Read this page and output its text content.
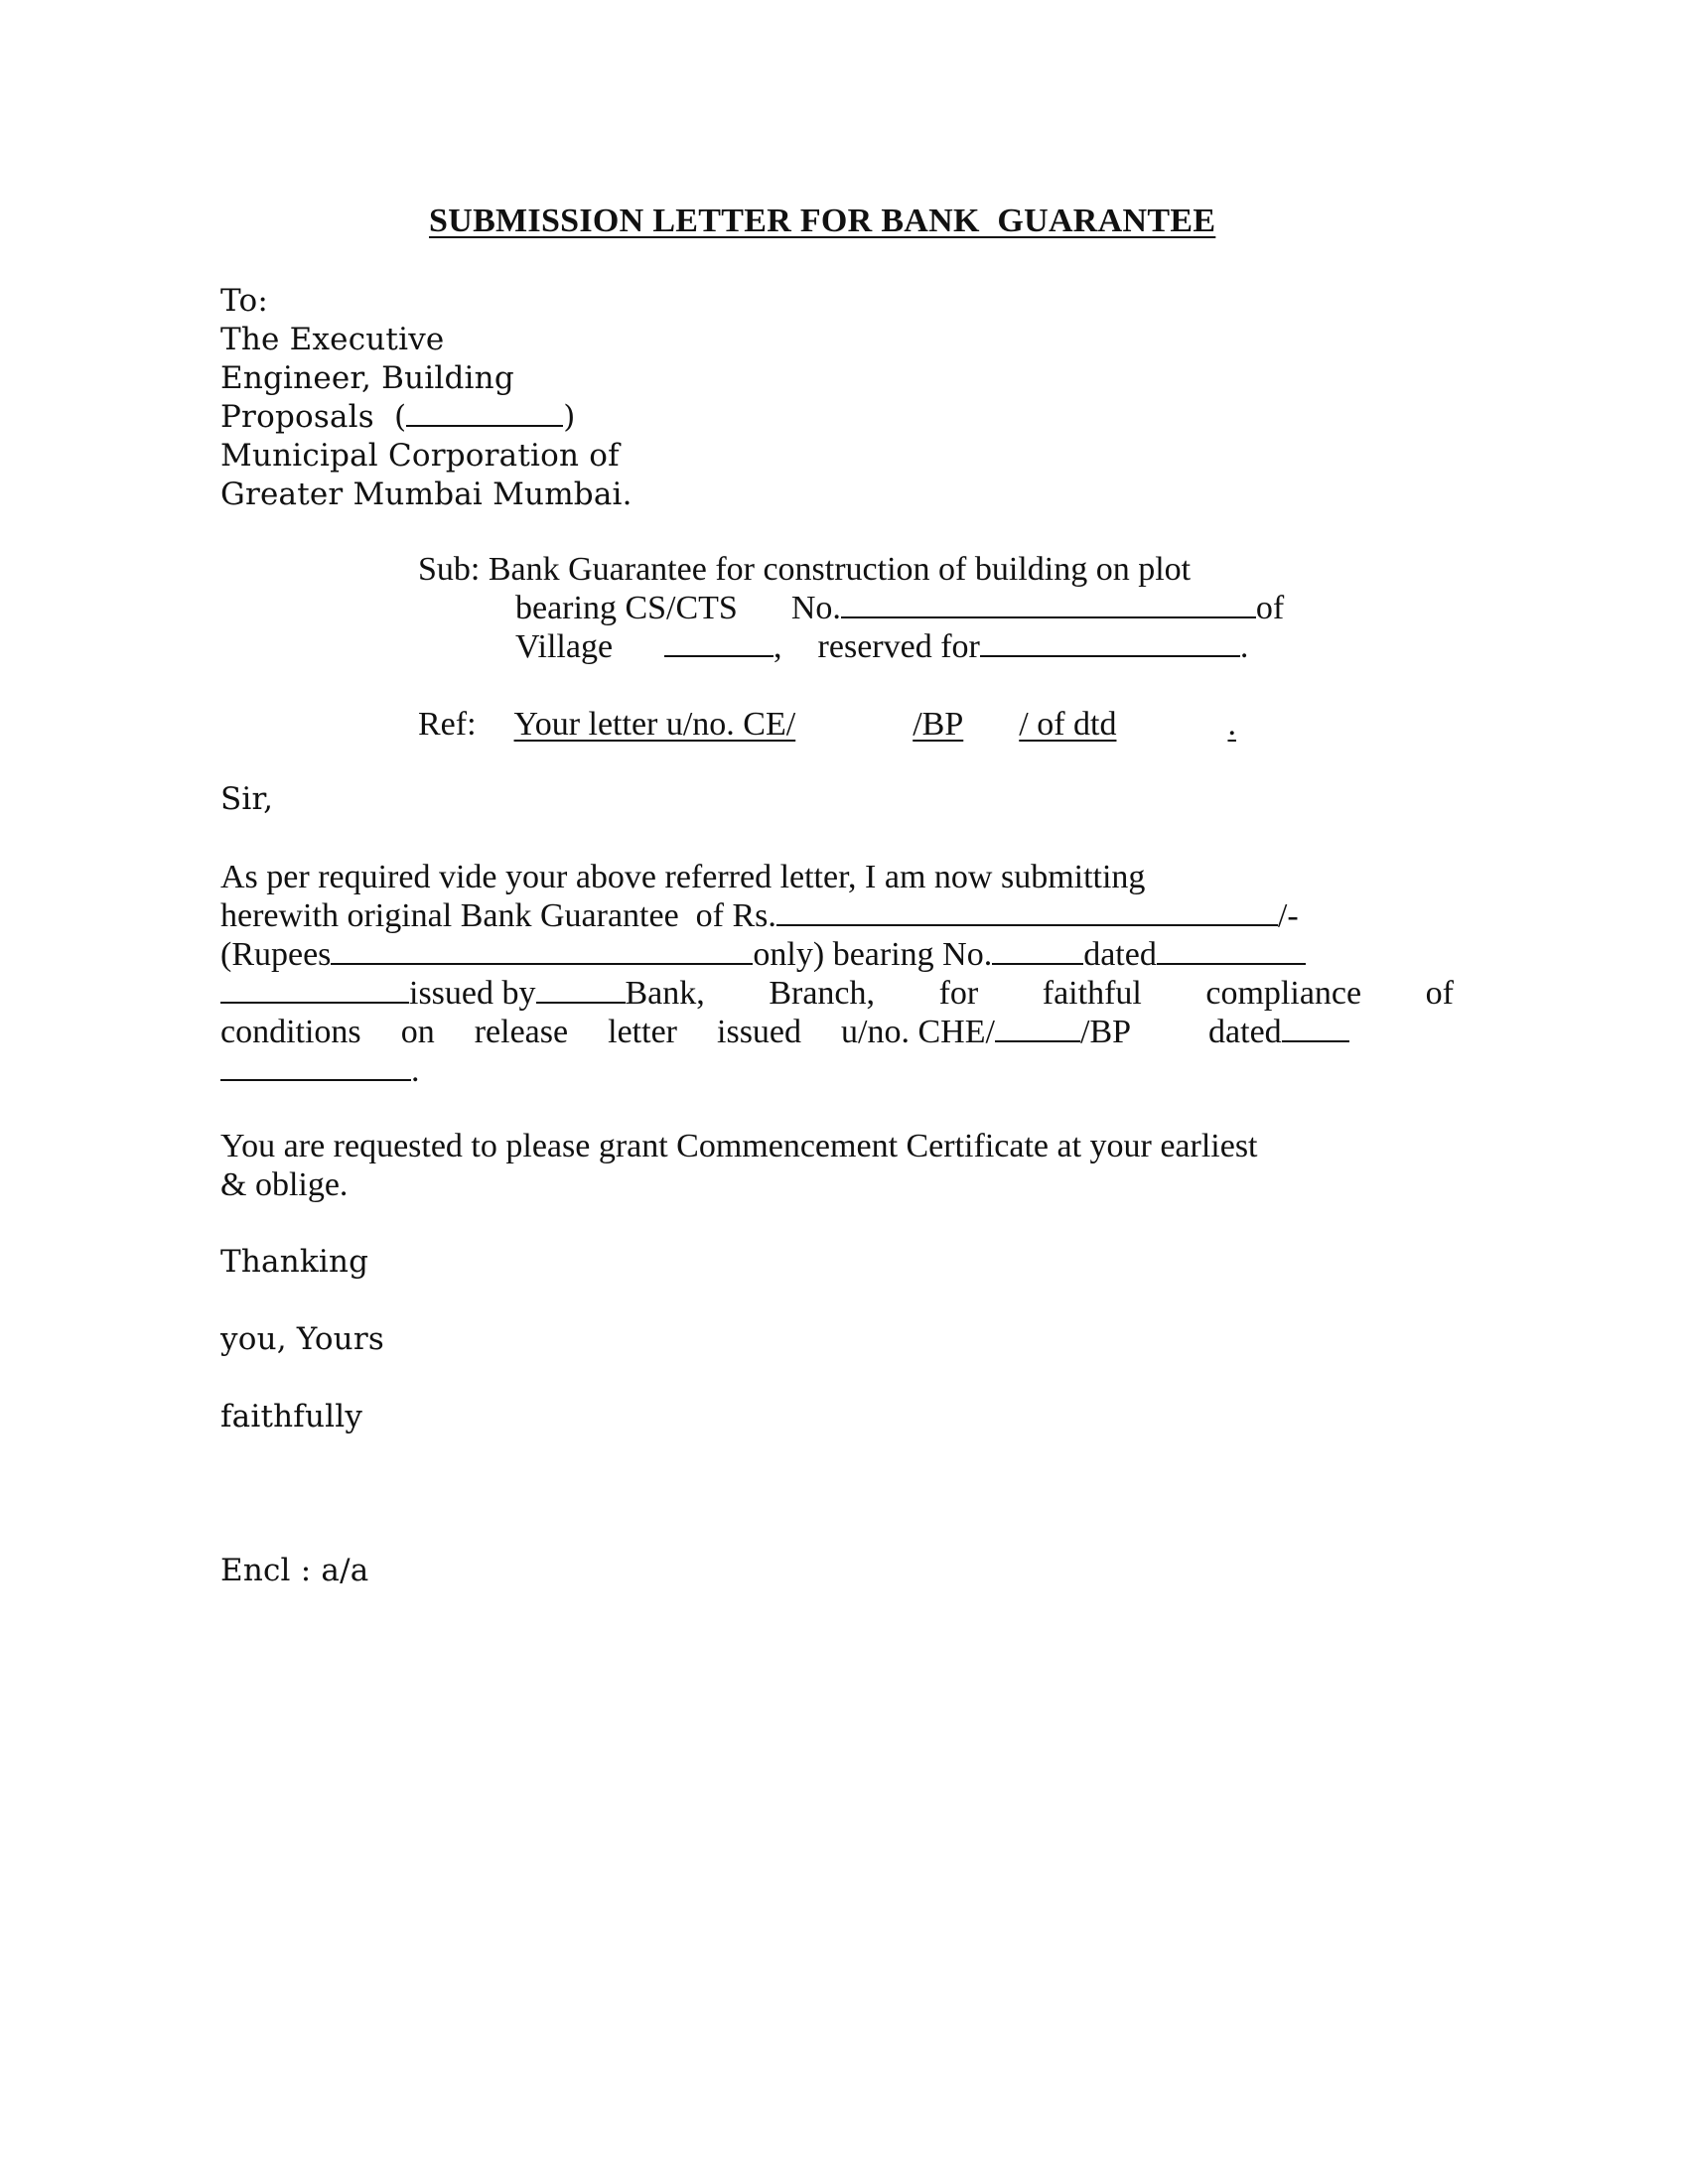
SUBMISSION LETTER FOR BANK  GUARANTEE
To:
The Executive
Engineer, Building
Proposals  (	)
Municipal Corporation of
Greater Mumbai Mumbai.
Sub: Bank Guarantee for construction of building on plot
bearing CS/CTS No.	of
Village	, reserved for	.
Ref: Your letter u/no. CE/	/BP / of dtd	.
Sir,
As per required vide your above referred letter, I am now submitting
herewith original Bank Guarantee  of Rs.	/-
(Rupees	only) bearing No.	dated
issued by	Bank, Branch, for faithful compliance of
conditions on release letter issued u/no. CHE/	/BP dated
.
You are requested to please grant Commencement Certificate at your earliest
& oblige.
Thanking
you, Yours
faithfully
Encl : a/a
